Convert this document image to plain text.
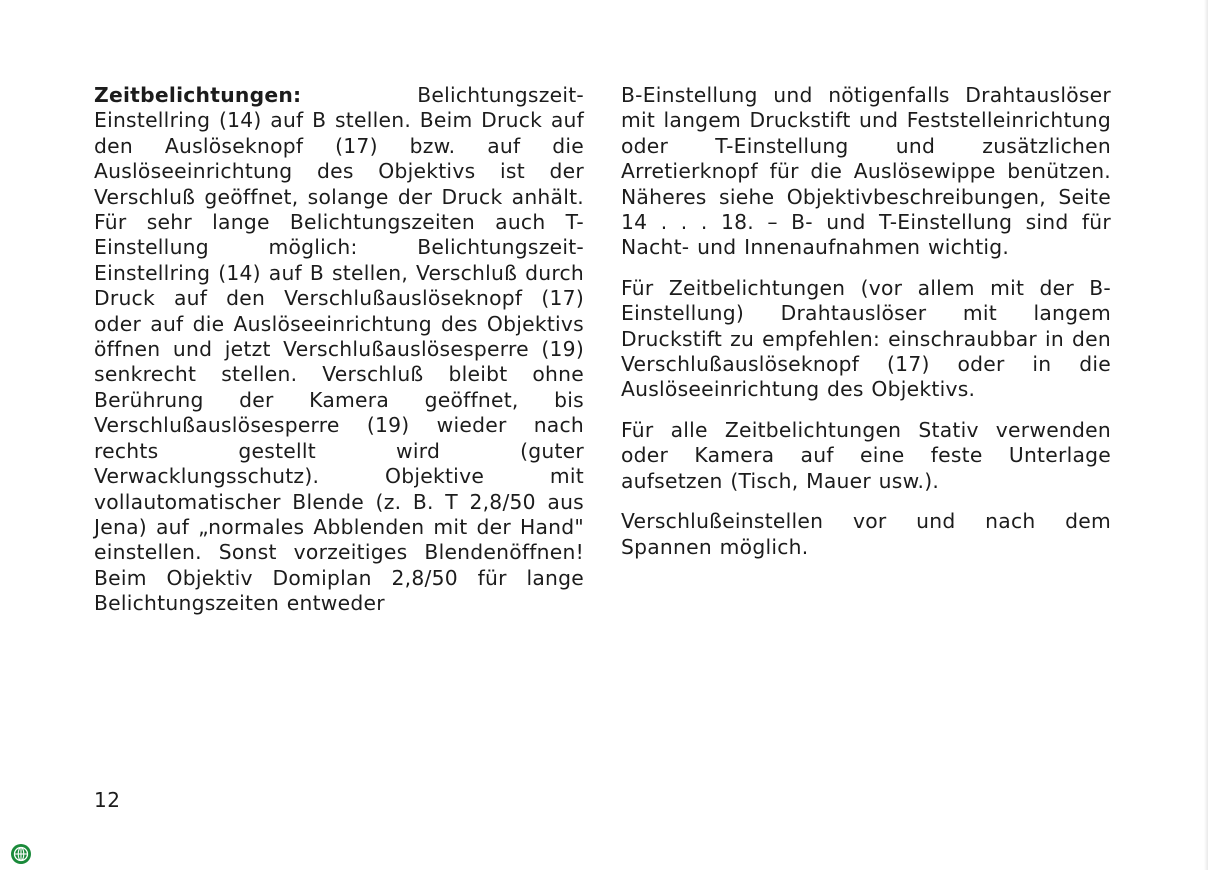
Zeitbelichtungen: Belichtungszeit-Einstellring (14) auf B stellen. Beim Druck auf den Auslöseknopf (17) bzw. auf die Auslöseeinrichtung des Objektivs ist der Verschluß geöffnet, solange der Druck anhält. Für sehr lange Belichtungszeiten auch T-Einstellung möglich: Belichtungszeit-Einstellring (14) auf B stellen, Verschluß durch Druck auf den Verschlußauslöseknopf (17) oder auf die Auslöseeinrichtung des Objektivs öffnen und jetzt Verschlußauslösesperre (19) senkrecht stellen. Verschluß bleibt ohne Berührung der Kamera geöffnet, bis Verschlußauslösesperre (19) wieder nach rechts gestellt wird (guter Verwacklungsschutz). Objektive mit vollautomatischer Blende (z. B. T 2,8/50 aus Jena) auf „normales Abblenden mit der Hand" einstellen. Sonst vorzeitiges Blendenöffnen! Beim Objektiv Domiplan 2,8/50 für lange Belichtungszeiten entweder

B-Einstellung und nötigenfalls Drahtauslöser mit langem Druckstift und Feststelleinrichtung oder T-Einstellung und zusätzlichen Arretierknopf für die Auslösewippe benützen. Näheres siehe Objektivbeschreibungen, Seite 14 . . . 18. – B- und T-Einstellung sind für Nacht- und Innenaufnahmen wichtig.

Für Zeitbelichtungen (vor allem mit der B-Einstellung) Drahtauslöser mit langem Druckstift zu empfehlen: einschraubbar in den Verschlußauslöseknopf (17) oder in die Auslöseeinrichtung des Objektivs.

Für alle Zeitbelichtungen Stativ verwenden oder Kamera auf eine feste Unterlage aufsetzen (Tisch, Mauer usw.).

Verschlußeinstellen vor und nach dem Spannen möglich.

12
